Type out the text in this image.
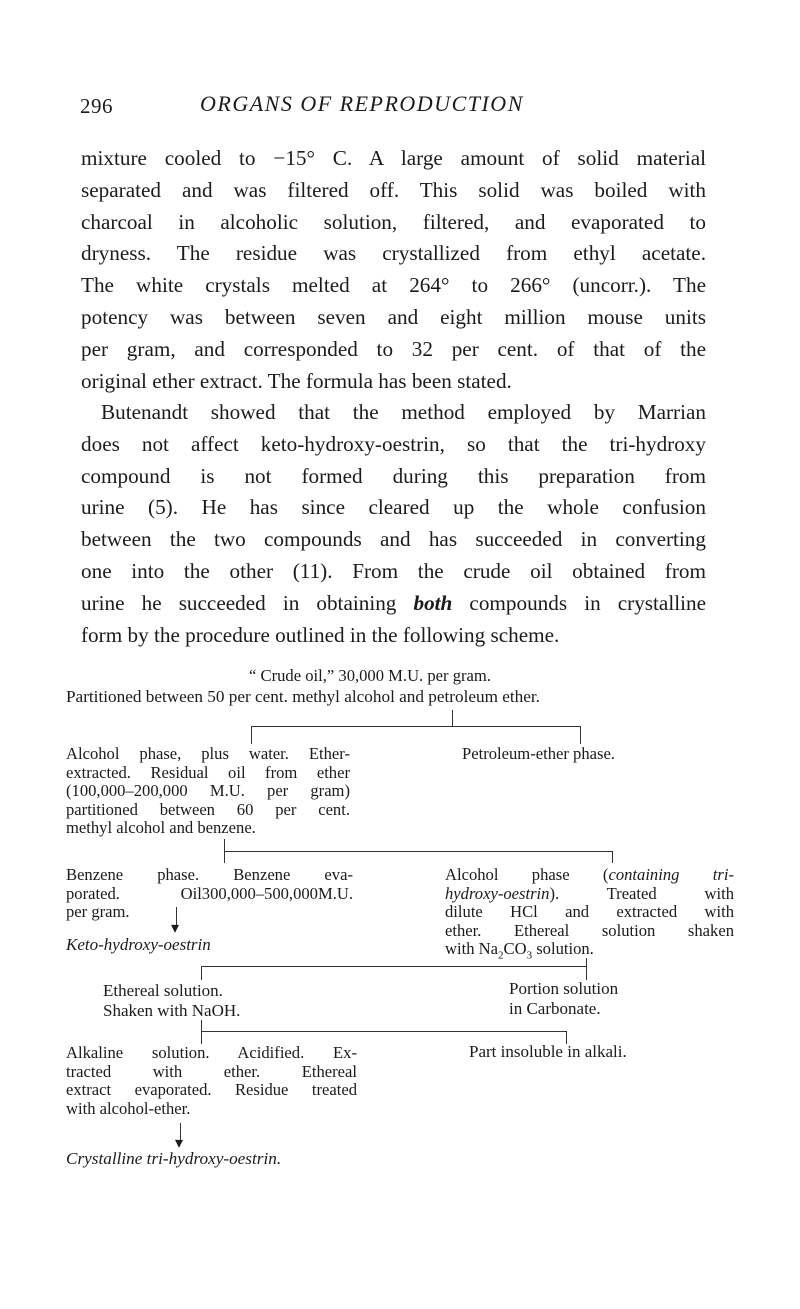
296	ORGANS OF REPRODUCTION
mixture cooled to −15° C. A large amount of solid material
separated and was filtered off. This solid was boiled with
charcoal in alcoholic solution, filtered, and evaporated to
dryness. The residue was crystallized from ethyl acetate.
The white crystals melted at 264° to 266° (uncorr.). The
potency was between seven and eight million mouse units
per gram, and corresponded to 32 per cent. of that of the
original ether extract. The formula has been stated.
Butenandt showed that the method employed by Marrian
does not affect keto-hydroxy-oestrin, so that the tri-hydroxy
compound is not formed during this preparation from
urine (5). He has since cleared up the whole confusion
between the two compounds and has succeeded in converting
one into the other (11). From the crude oil obtained from
urine he succeeded in obtaining both compounds in crystalline
form by the procedure outlined in the following scheme.
“ Crude oil,” 30,000 M.U. per gram.
Partitioned between 50 per cent. methyl alcohol and petroleum ether.
Alcohol phase, plus water. Ether-
extracted. Residual oil from ether
(100,000–200,000 M.U. per gram)
partitioned between 60 per cent.
methyl alcohol and benzene.
Petroleum-ether phase.
Benzene phase. Benzene eva-
porated. Oil300,000–500,000M.U.
per gram.
▾
Keto-hydroxy-oestrin
Alcohol phase (containing tri-
hydroxy-oestrin). Treated with
dilute HCl and extracted with
ether. Ethereal solution shaken
with $Na_2CO_3$ solution.
Ethereal solution.
Shaken with NaOH.
Portion solution
in Carbonate.
Alkaline solution. Acidified. Ex-
tracted with ether. Ethereal
extract evaporated. Residue treated
with alcohol-ether.
Part insoluble in alkali.
▾
Crystalline tri-hydroxy-oestrin.
